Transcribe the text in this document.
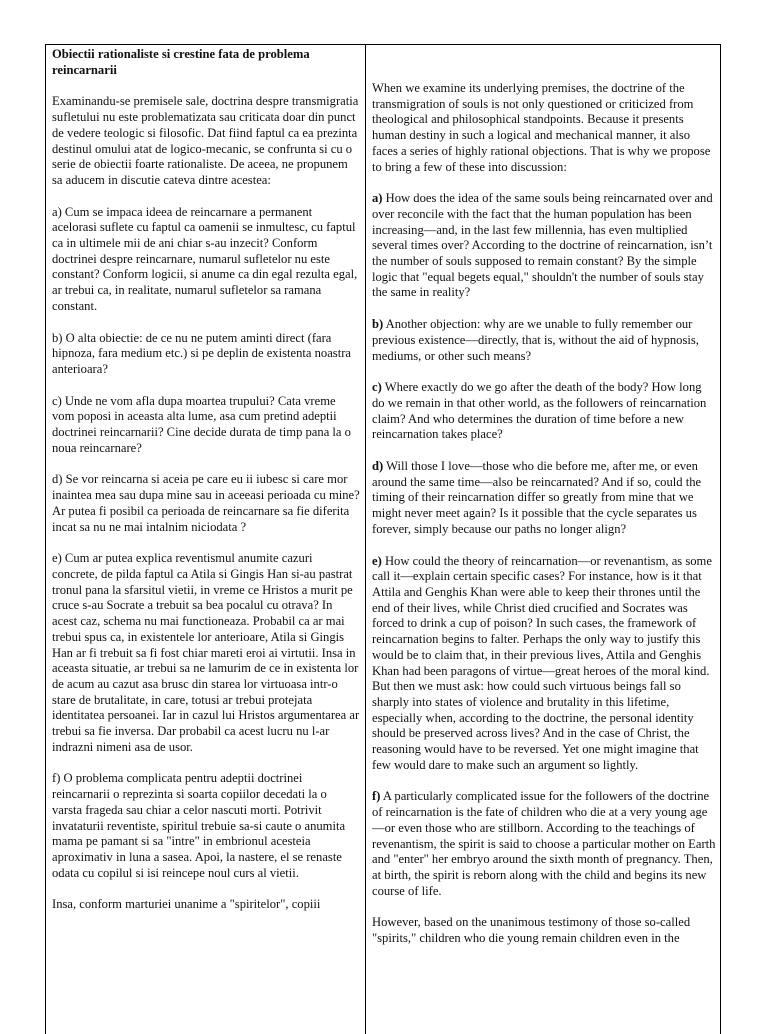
Obiectii rationaliste si crestine fata de problema reincarnarii

Examinandu-se premisele sale, doctrina despre transmigratia sufletului nu este problematizata sau criticata doar din punct de vedere teologic si filosofic. Dat fiind faptul ca ea prezinta destinul omului atat de logico-mecanic, se confrunta si cu o serie de obiectii foarte rationaliste. De aceea, ne propunem sa aducem in discutie cateva dintre acestea:

a) Cum se impaca ideea de reincarnare a permanent acelorasi suflete cu faptul ca oamenii se inmultesc, cu faptul ca in ultimele mii de ani chiar s-au inzecit? Conform doctrinei despre reincarnare, numarul sufletelor nu este constant? Conform logicii, si anume ca din egal rezulta egal, ar trebui ca, in realitate, numarul sufletelor sa ramana constant.

b) O alta obiectie: de ce nu ne putem aminti direct (fara hipnoza, fara medium etc.) si pe deplin de existenta noastra anterioara?

c) Unde ne vom afla dupa moartea trupului? Cata vreme vom poposi in aceasta alta lume, asa cum pretind adeptii doctrinei reincarnarii? Cine decide durata de timp pana la o noua reincarnare?

d) Se vor reincarna si aceia pe care eu ii iubesc si care mor inaintea mea sau dupa mine sau in aceeasi perioada cu mine? Ar putea fi posibil ca perioada de reincarnare sa fie diferita incat sa nu ne mai intalnim niciodata ?

e) Cum ar putea explica reventismul anumite cazuri concrete, de pilda faptul ca Atila si Gingis Han si-au pastrat tronul pana la sfarsitul vietii, in vreme ce Hristos a murit pe cruce s-au Socrate a trebuit sa bea pocalul cu otrava? In acest caz, schema nu mai functioneaza. Probabil ca ar mai trebui spus ca, in existentele lor anterioare, Atila si Gingis Han ar fi trebuit sa fi fost chiar mareti eroi ai virtutii. Insa in aceasta situatie, ar trebui sa ne lamurim de ce in existenta lor de acum au cazut asa brusc din starea lor virtuoasa intr-o stare de brutalitate, in care, totusi ar trebui protejata identitatea persoanei. Iar in cazul lui Hristos argumentarea ar trebui sa fie inversa. Dar probabil ca acest lucru nu l-ar indrazni nimeni asa de usor.

f) O problema complicata pentru adeptii doctrinei reincarnarii o reprezinta si soarta copiilor decedati la o varsta frageda sau chiar a celor nascuti morti. Potrivit invataturii reventiste, spiritul trebuie sa-si caute o anumita mama pe pamant si sa "intre" in embrionul acesteia aproximativ in luna a sasea. Apoi, la nastere, el se renaste odata cu copilul si isi reincepe noul curs al vietii.

Insa, conform marturiei unanime a "spiritelor", copiii

When we examine its underlying premises, the doctrine of the transmigration of souls is not only questioned or criticized from theological and philosophical standpoints. Because it presents human destiny in such a logical and mechanical manner, it also faces a series of highly rational objections. That is why we propose to bring a few of these into discussion:

a) How does the idea of the same souls being reincarnated over and over reconcile with the fact that the human population has been increasing—and, in the last few millennia, has even multiplied several times over? According to the doctrine of reincarnation, isn’t the number of souls supposed to remain constant? By the simple logic that "equal begets equal," shouldn't the number of souls stay the same in reality?

b) Another objection: why are we unable to fully remember our previous existence—directly, that is, without the aid of hypnosis, mediums, or other such means?

c) Where exactly do we go after the death of the body? How long do we remain in that other world, as the followers of reincarnation claim? And who determines the duration of time before a new reincarnation takes place?

d) Will those I love—those who die before me, after me, or even around the same time—also be reincarnated? And if so, could the timing of their reincarnation differ so greatly from mine that we might never meet again? Is it possible that the cycle separates us forever, simply because our paths no longer align?

e) How could the theory of reincarnation—or revenantism, as some call it—explain certain specific cases? For instance, how is it that Attila and Genghis Khan were able to keep their thrones until the end of their lives, while Christ died crucified and Socrates was forced to drink a cup of poison? In such cases, the framework of reincarnation begins to falter. Perhaps the only way to justify this would be to claim that, in their previous lives, Attila and Genghis Khan had been paragons of virtue—great heroes of the moral kind. But then we must ask: how could such virtuous beings fall so sharply into states of violence and brutality in this lifetime, especially when, according to the doctrine, the personal identity should be preserved across lives? And in the case of Christ, the reasoning would have to be reversed. Yet one might imagine that few would dare to make such an argument so lightly.

f) A particularly complicated issue for the followers of the doctrine of reincarnation is the fate of children who die at a very young age—or even those who are stillborn. According to the teachings of revenantism, the spirit is said to choose a particular mother on Earth and "enter" her embryo around the sixth month of pregnancy. Then, at birth, the spirit is reborn along with the child and begins its new course of life.

However, based on the unanimous testimony of those so-called "spirits," children who die young remain children even in the
